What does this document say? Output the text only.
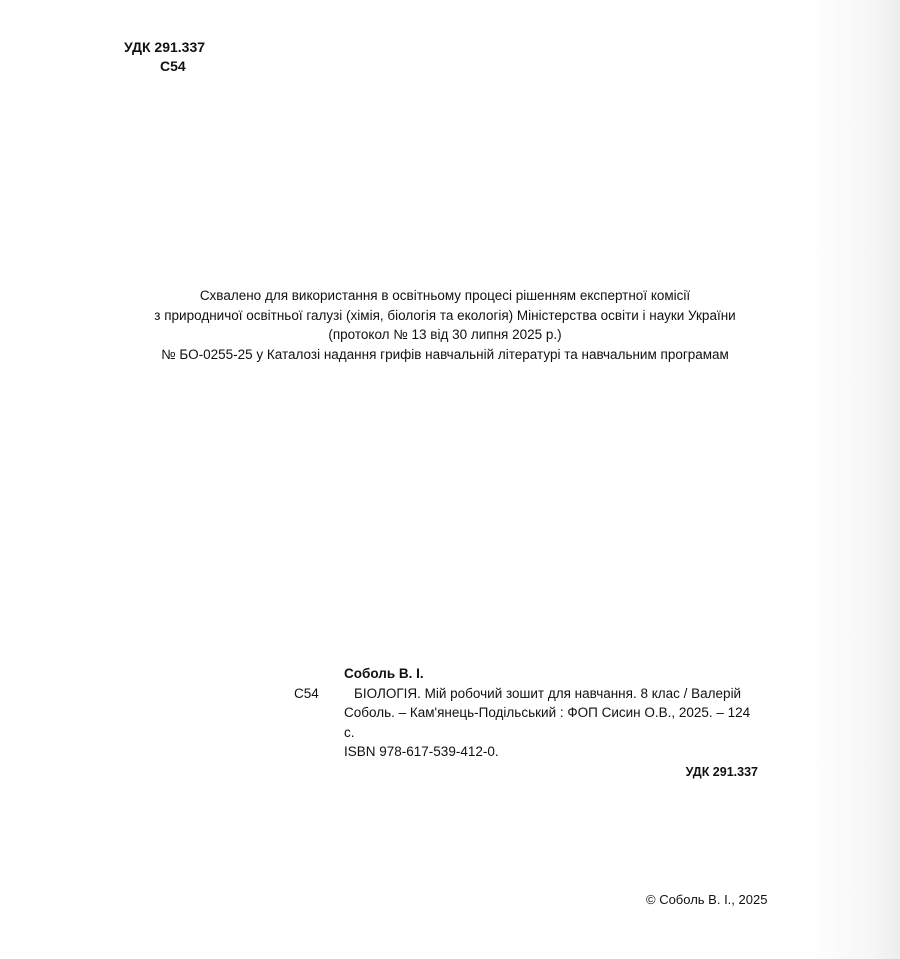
УДК 291.337
С54
Схвалено для використання в освітньому процесі рішенням експертної комісії
з природничої освітньої галузі (хімія, біологія та екологія) Міністерства освіти і науки України
(протокол № 13 від 30 липня 2025 р.)
№ БО-0255-25 у Каталозі надання грифів навчальній літературі та навчальним програмам
Соболь В. І.
С54	БІОЛОГІЯ. Мій робочий зошит для навчання. 8 клас / Валерій
Соболь. – Кам'янець-Подільський : ФОП Сисин О.В., 2025. – 124 с.
ISBN 978-617-539-412-0.
УДК 291.337
© Соболь В. І., 2025
